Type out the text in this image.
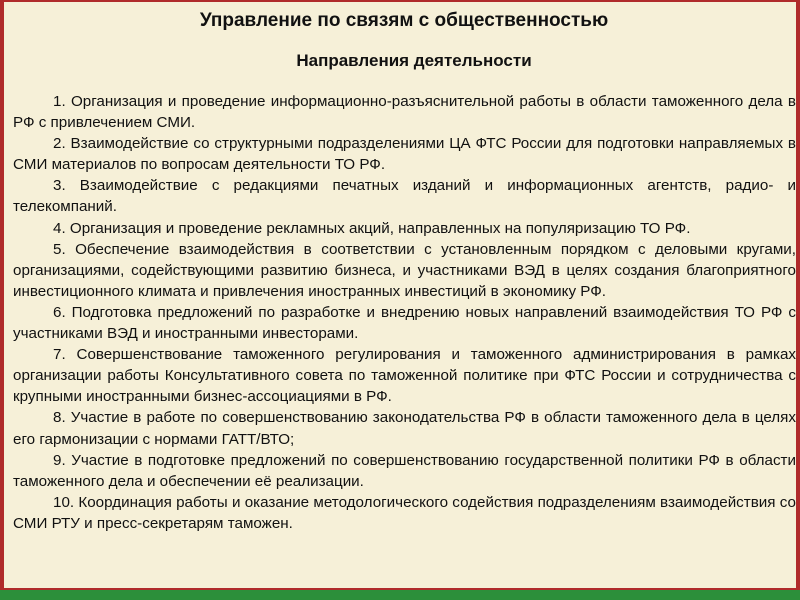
Управление по связям с общественностью
Направления деятельности

1. Организация и проведение информационно-разъяснительной работы в области таможенного дела в РФ с привлечением СМИ.

2. Взаимодействие со структурными подразделениями ЦА ФТС России для подготовки направляемых в СМИ материалов по вопросам деятельности ТО РФ.

3. Взаимодействие с редакциями печатных изданий и информационных агентств, радио- и телекомпаний.

4. Организация и проведение рекламных акций, направленных на популяризацию ТО РФ.

5. Обеспечение взаимодействия в соответствии с установленным порядком с деловыми кругами, организациями, содействующими развитию бизнеса, и участниками ВЭД в целях создания благоприятного инвестиционного климата и привлечения иностранных инвестиций в экономику РФ.

6. Подготовка предложений по разработке и внедрению новых направлений взаимодействия ТО РФ с участниками ВЭД и иностранными инвесторами.

7. Совершенствование таможенного регулирования и таможенного администрирования в рамках организации работы Консультативного совета по таможенной политике при ФТС России и сотрудничества с крупными иностранными бизнес-ассоциациями в РФ.

8. Участие в работе по совершенствованию законодательства РФ в области таможенного дела в целях его гармонизации с нормами ГАТТ/ВТО;

9. Участие в подготовке предложений по совершенствованию государственной политики РФ в области таможенного дела и обеспечении её реализации.

10. Координация работы и оказание методологического содействия подразделениям взаимодействия со СМИ РТУ и пресс-секретарям таможен.
